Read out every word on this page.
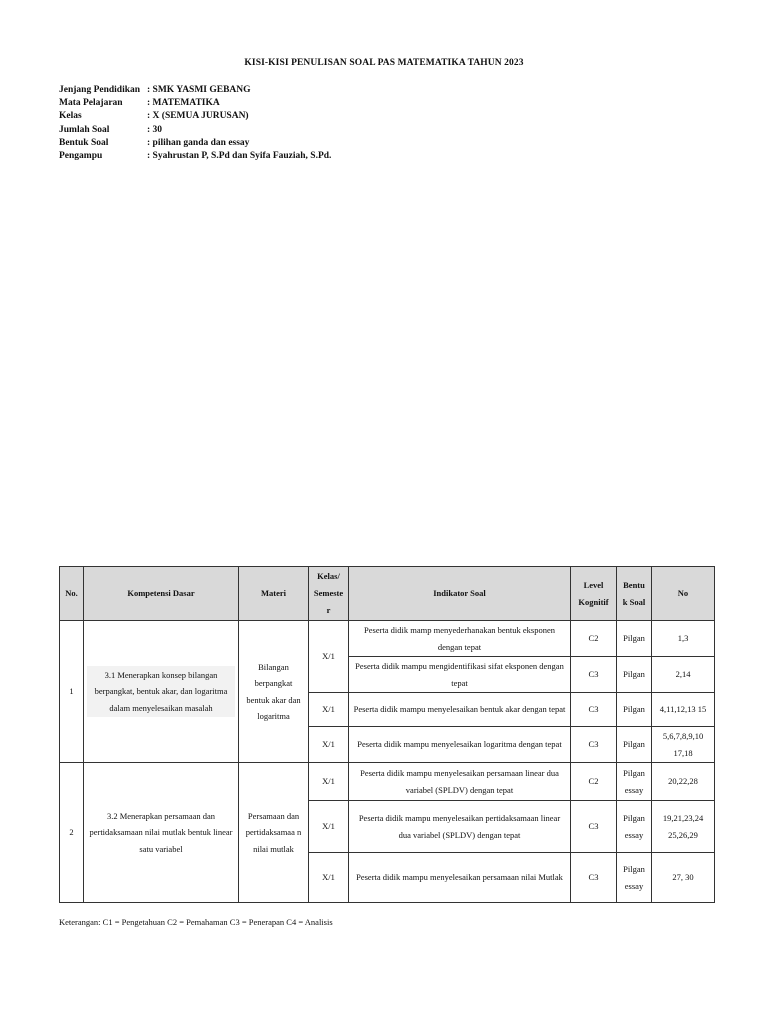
KISI-KISI PENULISAN SOAL PAS MATEMATIKA TAHUN 2023
Jenjang Pendidikan	: SMK YASMI GEBANG
Mata Pelajaran	: MATEMATIKA
Kelas	: X (SEMUA JURUSAN)
Jumlah Soal	: 30
Bentuk Soal	: pilihan ganda dan essay
Pengampu	: Syahrustan P, S.Pd dan Syifa Fauziah, S.Pd.
No.	Kompetensi Dasar	Materi	Kelas/ Semeste r	Indikator Soal	Level Kognitif	Bentu k Soal	No
1	3.1 Menerapkan konsep bilangan berpangkat, bentuk akar, dan logaritma dalam menyelesaikan masalah	Bilangan berpangkat bentuk akar dan logaritma	X/1	Peserta didik mamp menyederhanakan bentuk eksponen dengan tepat	C2	Pilgan	1,3
				Peserta didik mampu mengidentifikasi sifat eksponen dengan tepat	C3	Pilgan	2,14
			X/1	Peserta didik mampu menyelesaikan bentuk akar dengan tepat	C3	Pilgan	4,11,12,13 15
			X/1	Peserta didik mampu menyelesaikan logaritma dengan tepat	C3	Pilgan	5,6,7,8,9,10 17,18
2	3.2 Menerapkan persamaan dan pertidaksamaan nilai mutlak bentuk linear satu variabel	Persamaan dan pertidaksamaa n nilai mutlak	X/1	Peserta didik mampu menyelesaikan persamaan linear dua variabel (SPLDV) dengan tepat	C2	Pilgan essay	20,22,28
			X/1	Peserta didik mampu menyelesaikan pertidaksamaan linear dua variabel (SPLDV) dengan tepat	C3	Pilgan essay	19,21,23,24 25,26,29
			X/1	Peserta didik mampu menyelesaikan persamaan nilai Mutlak	C3	Pilgan essay	27, 30
Keterangan: C1 = Pengetahuan C2 = Pemahaman C3 = Penerapan C4 = Analisis
